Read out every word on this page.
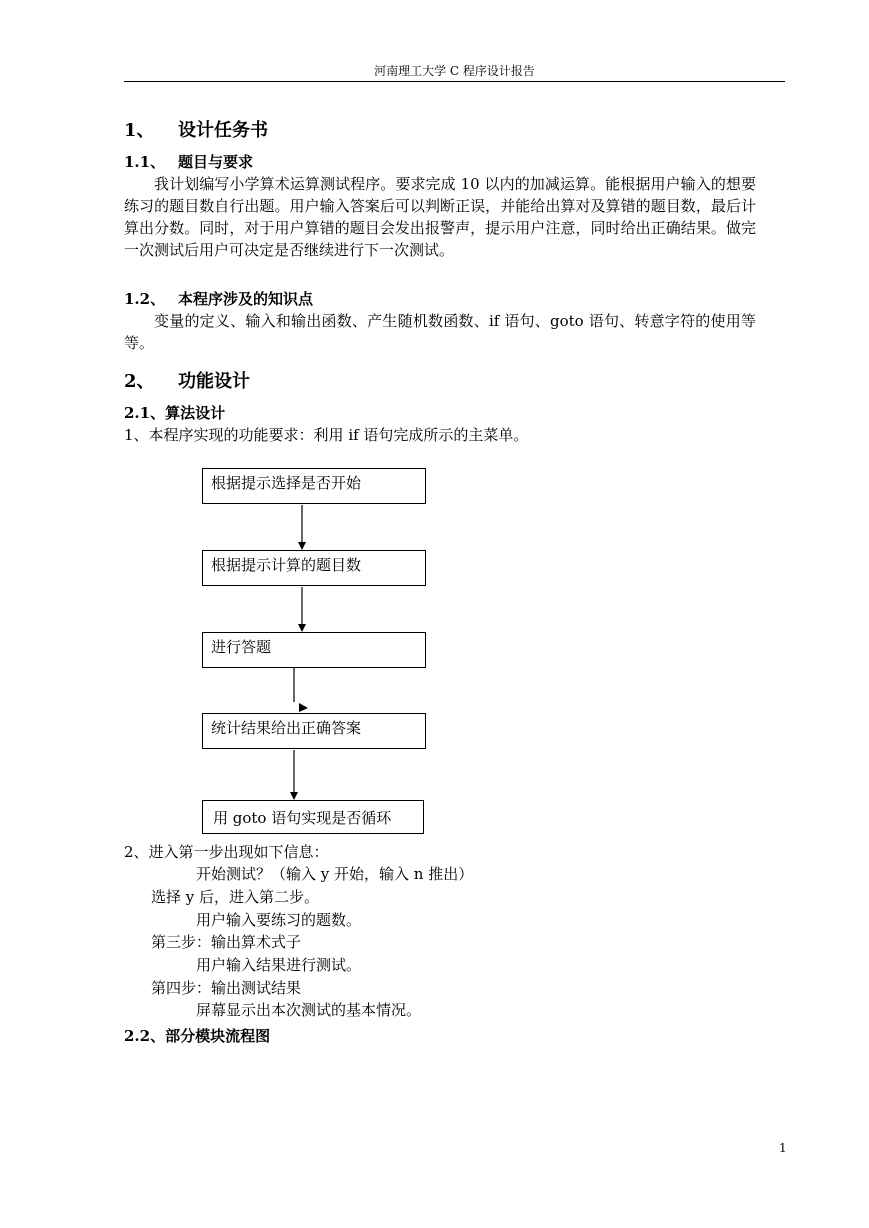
河南理工大学 C 程序设计报告
1、 设计任务书
1.1、 题目与要求
我计划编写小学算术运算测试程序。要求完成 10 以内的加减运算。能根据用户输入的想要练习的题目数自行出题。用户输入答案后可以判断正误，并能给出算对及算错的题目数，最后计算出分数。同时，对于用户算错的题目会发出报警声，提示用户注意，同时给出正确结果。做完一次测试后用户可决定是否继续进行下一次测试。
1.2、 本程序涉及的知识点
变量的定义、输入和输出函数、产生随机数函数、if 语句、goto 语句、转意字符的使用等等。
2、 功能设计
2.1、算法设计
1、本程序实现的功能要求：利用 if 语句完成所示的主菜单。
根据提示选择是否开始
根据提示计算的题目数
进行答题
统计结果给出正确答案
用 goto 语句实现是否循环
2、进入第一步出现如下信息：
开始测试？（输入 y 开始，输入 n 推出）
选择 y 后，进入第二步。
用户输入要练习的题数。
第三步：输出算术式子
用户输入结果进行测试。
第四步：输出测试结果
屏幕显示出本次测试的基本情况。
2.2、部分模块流程图
1
